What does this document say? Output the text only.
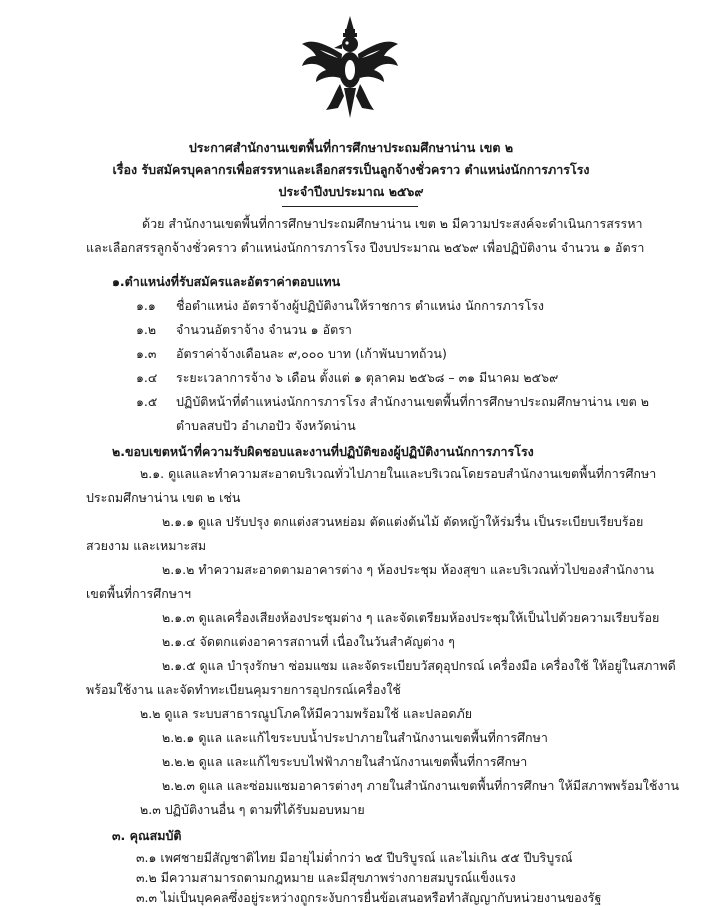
ประกาศสำนักงานเขตพื้นที่การศึกษาประถมศึกษาน่าน เขต ๒
เรื่อง รับสมัครบุคลากรเพื่อสรรหาและเลือกสรรเป็นลูกจ้างชั่วคราว ตำแหน่งนักการภารโรง
ประจำปีงบประมาณ ๒๕๖๙
ด้วย สำนักงานเขตพื้นที่การศึกษาประถมศึกษาน่าน เขต ๒ มีความประสงค์จะดำเนินการสรรหา
และเลือกสรรลูกจ้างชั่วคราว ตำแหน่งนักการภารโรง ปีงบประมาณ ๒๕๖๙ เพื่อปฏิบัติงาน จำนวน ๑ อัตรา
๑.ตำแหน่งที่รับสมัครและอัตราค่าตอบแทน
๑.๑ ชื่อตำแหน่ง อัตราจ้างผู้ปฏิบัติงานให้ราชการ ตำแหน่ง นักการภารโรง
๑.๒ จำนวนอัตราจ้าง จำนวน ๑ อัตรา
๑.๓ อัตราค่าจ้างเดือนละ ๙,๐๐๐ บาท (เก้าพันบาทถ้วน)
๑.๔ ระยะเวลาการจ้าง ๖ เดือน ตั้งแต่ ๑ ตุลาคม ๒๕๖๘ – ๓๑ มีนาคม ๒๕๖๙
๑.๕ ปฏิบัติหน้าที่ตำแหน่งนักการภารโรง สำนักงานเขตพื้นที่การศึกษาประถมศึกษาน่าน เขต ๒
ตำบลสบปัว อำเภอปัว จังหวัดน่าน
๒.ขอบเขตหน้าที่ความรับผิดชอบและงานที่ปฏิบัติของผู้ปฏิบัติงานนักการภารโรง
๒.๑. ดูแลและทำความสะอาดบริเวณทั่วไปภายในและบริเวณโดยรอบสำนักงานเขตพื้นที่การศึกษา
ประถมศึกษาน่าน เขต ๒ เช่น
๒.๑.๑ ดูแล ปรับปรุง ตกแต่งสวนหย่อม ตัดแต่งต้นไม้ ตัดหญ้าให้ร่มรื่น เป็นระเบียบเรียบร้อย
สวยงาม และเหมาะสม
๒.๑.๒ ทำความสะอาดตามอาคารต่าง ๆ ห้องประชุม ห้องสุขา และบริเวณทั่วไปของสำนักงาน
เขตพื้นที่การศึกษาฯ
๒.๑.๓ ดูแลเครื่องเสียงห้องประชุมต่าง ๆ และจัดเตรียมห้องประชุมให้เป็นไปด้วยความเรียบร้อย
๒.๑.๔ จัดตกแต่งอาคารสถานที่ เนื่องในวันสำคัญต่าง ๆ
๒.๑.๕ ดูแล บำรุงรักษา ซ่อมแซม และจัดระเบียบวัสดุอุปกรณ์ เครื่องมือ เครื่องใช้ ให้อยู่ในสภาพดี
พร้อมใช้งาน และจัดทำทะเบียนคุมรายการอุปกรณ์เครื่องใช้
๒.๒ ดูแล ระบบสาธารณูปโภคให้มีความพร้อมใช้ และปลอดภัย
๒.๒.๑ ดูแล และแก้ไขระบบน้ำประปาภายในสำนักงานเขตพื้นที่การศึกษา
๒.๒.๒ ดูแล และแก้ไขระบบไฟฟ้าภายในสำนักงานเขตพื้นที่การศึกษา
๒.๒.๓ ดูแล และซ่อมแซมอาคารต่างๆ ภายในสำนักงานเขตพื้นที่การศึกษา ให้มีสภาพพร้อมใช้งาน
๒.๓ ปฏิบัติงานอื่น ๆ ตามที่ได้รับมอบหมาย
๓. คุณสมบัติ
๓.๑ เพศชายมีสัญชาติไทย มีอายุไม่ต่ำกว่า ๒๕ ปีบริบูรณ์ และไม่เกิน ๕๕ ปีบริบูรณ์
๓.๒ มีความสามารถตามกฎหมาย และมีสุขภาพร่างกายสมบูรณ์แข็งแรง
๓.๓ ไม่เป็นบุคคลซึ่งอยู่ระหว่างถูกระงับการยื่นข้อเสนอหรือทำสัญญากับหน่วยงานของรัฐ
